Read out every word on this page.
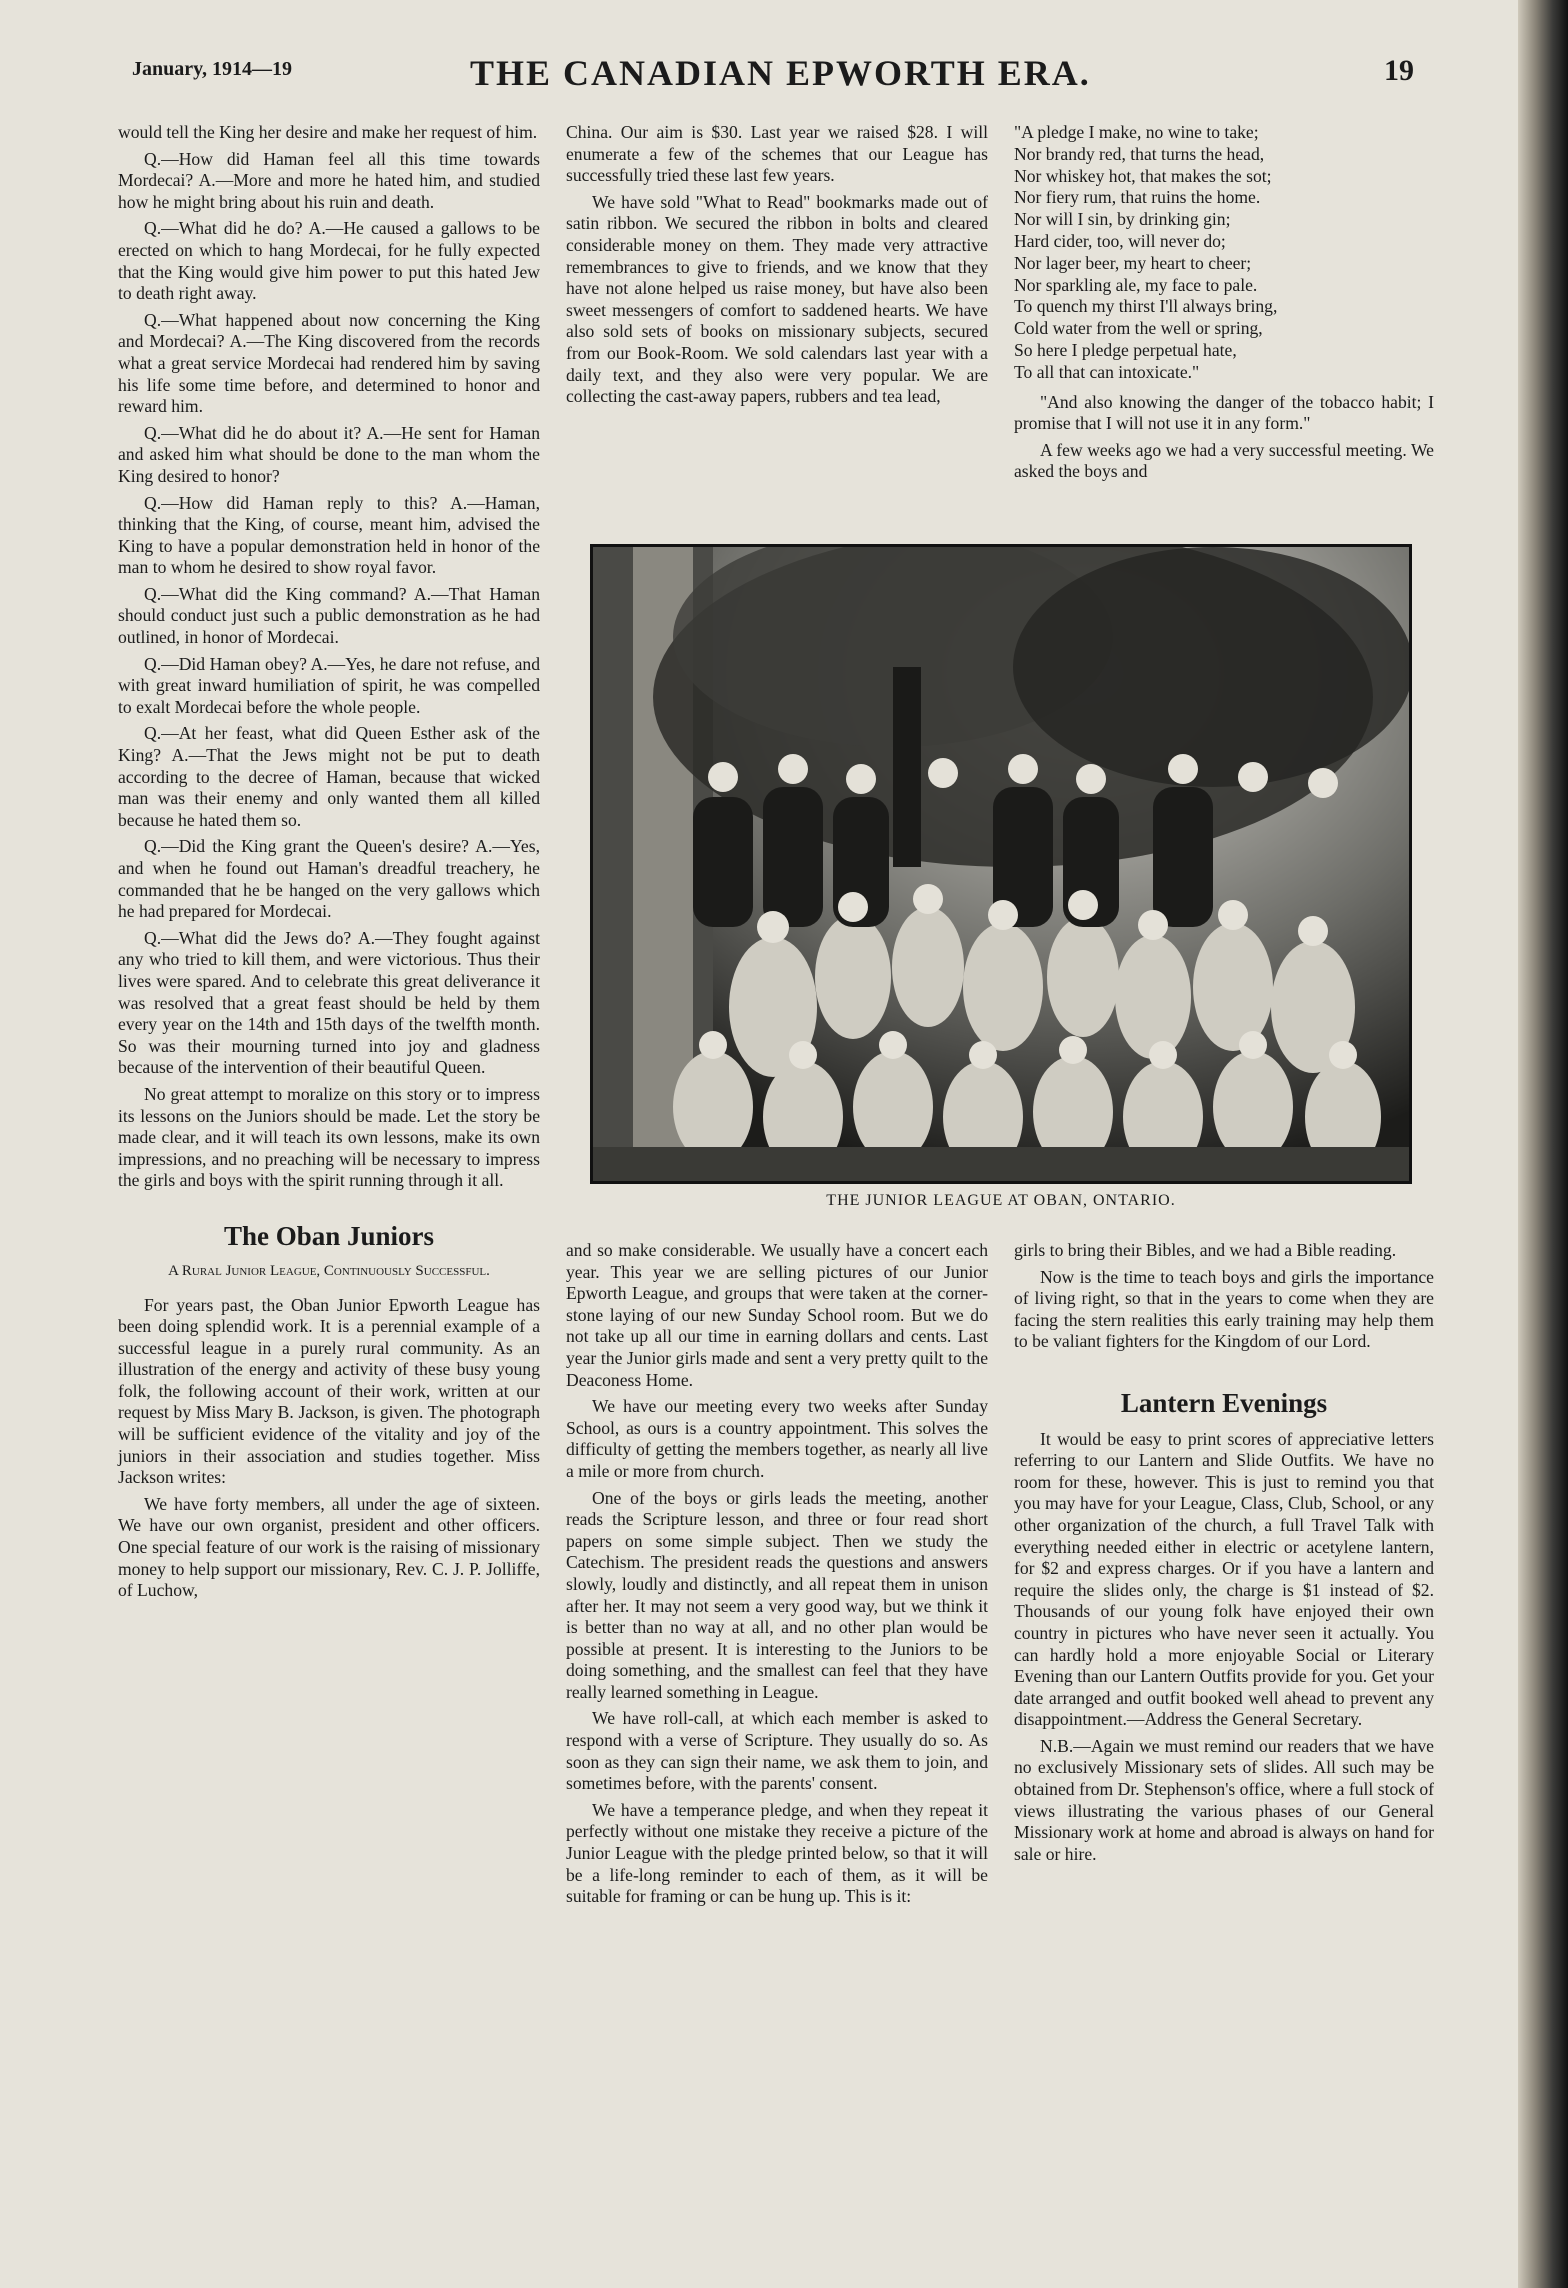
January, 1914—19	THE CANADIAN EPWORTH ERA.	19

would tell the King her desire and make her request of him.

Q.—How did Haman feel all this time towards Mordecai? A.—More and more he hated him, and studied how he might bring about his ruin and death.

Q.—What did he do? A.—He caused a gallows to be erected on which to hang Mordecai, for he fully expected that the King would give him power to put this hated Jew to death right away.

Q.—What happened about now concerning the King and Mordecai? A.—The King discovered from the records what a great service Mordecai had rendered him by saving his life some time before, and determined to honor and reward him.

Q.—What did he do about it? A.—He sent for Haman and asked him what should be done to the man whom the King desired to honor?

Q.—How did Haman reply to this? A.—Haman, thinking that the King, of course, meant him, advised the King to have a popular demonstration held in honor of the man to whom he desired to show royal favor.

Q.—What did the King command? A.—That Haman should conduct just such a public demonstration as he had outlined, in honor of Mordecai.

Q.—Did Haman obey? A.—Yes, he dare not refuse, and with great inward humiliation of spirit, he was compelled to exalt Mordecai before the whole people.

Q.—At her feast, what did Queen Esther ask of the King? A.—That the Jews might not be put to death according to the decree of Haman, because that wicked man was their enemy and only wanted them all killed because he hated them so.

Q.—Did the King grant the Queen's desire? A.—Yes, and when he found out Haman's dreadful treachery, he commanded that he be hanged on the very gallows which he had prepared for Mordecai.

Q.—What did the Jews do? A.—They fought against any who tried to kill them, and were victorious. Thus their lives were spared. And to celebrate this great deliverance it was resolved that a great feast should be held by them every year on the 14th and 15th days of the twelfth month. So was their mourning turned into joy and gladness because of the intervention of their beautiful Queen.

No great attempt to moralize on this story or to impress its lessons on the Juniors should be made. Let the story be made clear, and it will teach its own lessons, make its own impressions, and no preaching will be necessary to impress the girls and boys with the spirit running through it all.

The Oban Juniors
A Rural Junior League, Continuously Successful.

For years past, the Oban Junior Epworth League has been doing splendid work. It is a perennial example of a successful league in a purely rural community. As an illustration of the energy and activity of these busy young folk, the following account of their work, written at our request by Miss Mary B. Jackson, is given. The photograph will be sufficient evidence of the vitality and joy of the juniors in their association and studies together. Miss Jackson writes:

We have forty members, all under the age of sixteen. We have our own organist, president and other officers. One special feature of our work is the raising of missionary money to help support our missionary, Rev. C. J. P. Jolliffe, of Luchow,

China. Our aim is $30. Last year we raised $28. I will enumerate a few of the schemes that our League has successfully tried these last few years.

We have sold "What to Read" bookmarks made out of satin ribbon. We secured the ribbon in bolts and cleared considerable money on them. They made very attractive remembrances to give to friends, and we know that they have not alone helped us raise money, but have also been sweet messengers of comfort to saddened hearts. We have also sold sets of books on missionary subjects, secured from our Book-Room. We sold calendars last year with a daily text, and they also were very popular. We are collecting the cast-away papers, rubbers and tea lead,

"A pledge I make, no wine to take;
Nor brandy red, that turns the head,
Nor whiskey hot, that makes the sot;
Nor fiery rum, that ruins the home.
Nor will I sin, by drinking gin;
Hard cider, too, will never do;
Nor lager beer, my heart to cheer;
Nor sparkling ale, my face to pale.
To quench my thirst I'll always bring,
Cold water from the well or spring,
So here I pledge perpetual hate,
To all that can intoxicate."

"And also knowing the danger of the tobacco habit; I promise that I will not use it in any form."

A few weeks ago we had a very successful meeting. We asked the boys and

THE JUNIOR LEAGUE AT OBAN, ONTARIO.

and so make considerable. We usually have a concert each year. This year we are selling pictures of our Junior Epworth League, and groups that were taken at the corner-stone laying of our new Sunday School room. But we do not take up all our time in earning dollars and cents. Last year the Junior girls made and sent a very pretty quilt to the Deaconess Home.

We have our meeting every two weeks after Sunday School, as ours is a country appointment. This solves the difficulty of getting the members together, as nearly all live a mile or more from church.

One of the boys or girls leads the meeting, another reads the Scripture lesson, and three or four read short papers on some simple subject. Then we study the Catechism. The president reads the questions and answers slowly, loudly and distinctly, and all repeat them in unison after her. It may not seem a very good way, but we think it is better than no way at all, and no other plan would be possible at present. It is interesting to the Juniors to be doing something, and the smallest can feel that they have really learned something in League.

We have roll-call, at which each member is asked to respond with a verse of Scripture. They usually do so. As soon as they can sign their name, we ask them to join, and sometimes before, with the parents' consent.

We have a temperance pledge, and when they repeat it perfectly without one mistake they receive a picture of the Junior League with the pledge printed below, so that it will be a life-long reminder to each of them, as it will be suitable for framing or can be hung up. This is it:

girls to bring their Bibles, and we had a Bible reading.

Now is the time to teach boys and girls the importance of living right, so that in the years to come when they are facing the stern realities this early training may help them to be valiant fighters for the Kingdom of our Lord.

Lantern Evenings

It would be easy to print scores of appreciative letters referring to our Lantern and Slide Outfits. We have no room for these, however. This is just to remind you that you may have for your League, Class, Club, School, or any other organization of the church, a full Travel Talk with everything needed either in electric or acetylene lantern, for $2 and express charges. Or if you have a lantern and require the slides only, the charge is $1 instead of $2. Thousands of our young folk have enjoyed their own country in pictures who have never seen it actually. You can hardly hold a more enjoyable Social or Literary Evening than our Lantern Outfits provide for you. Get your date arranged and outfit booked well ahead to prevent any disappointment.—Address the General Secretary.

N.B.—Again we must remind our readers that we have no exclusively Missionary sets of slides. All such may be obtained from Dr. Stephenson's office, where a full stock of views illustrating the various phases of our General Missionary work at home and abroad is always on hand for sale or hire.
